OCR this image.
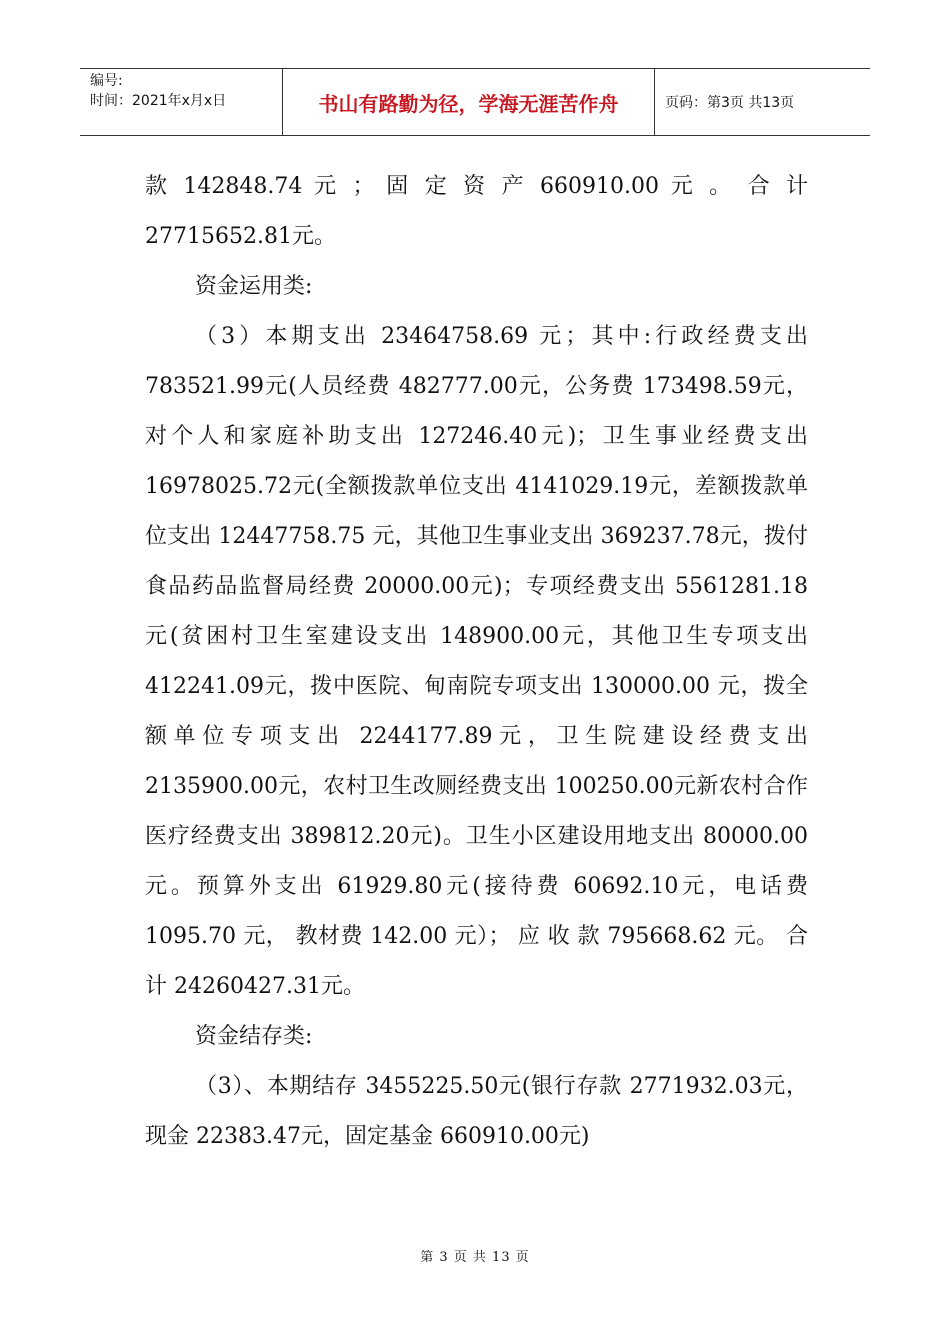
编号:
时间：2021年x月x日	书山有路勤为径，学海无涯苦作舟	页码：第3页 共13页

款 142848.74 元 ； 固 定 资 产 660910.00 元 。 合 计 27715652.81元。

资金运用类:

（3）本期支出 23464758.69 元；其中:行政经费支出 783521.99元(人员经费 482777.00元，公务费 173498.59元，对个人和家庭补助支出 127246.40元)；卫生事业经费支出 16978025.72元(全额拨款单位支出 4141029.19元，差额拨款单位支出 12447758.75 元，其他卫生事业支出 369237.78元，拨付食品药品监督局经费 20000.00元)；专项经费支出 5561281.18 元(贫困村卫生室建设支出 148900.00元，其他卫生专项支出 412241.09元，拨中医院、甸南院专项支出 130000.00 元，拨全额单位专项支出 2244177.89元，卫生院建设经费支出 2135900.00元，农村卫生改厕经费支出 100250.00元新农村合作医疗经费支出 389812.20元)。卫生小区建设用地支出 80000.00元。预算外支出 61929.80元(接待费 60692.10元，电话费 1095.70 元， 教材费 142.00 元）； 应 收 款 795668.62 元。 合 计 24260427.31元。

资金结存类:

（3）、本期结存 3455225.50元(银行存款 2771932.03元，现金 22383.47元，固定基金 660910.00元)

第 3 页 共 13 页
